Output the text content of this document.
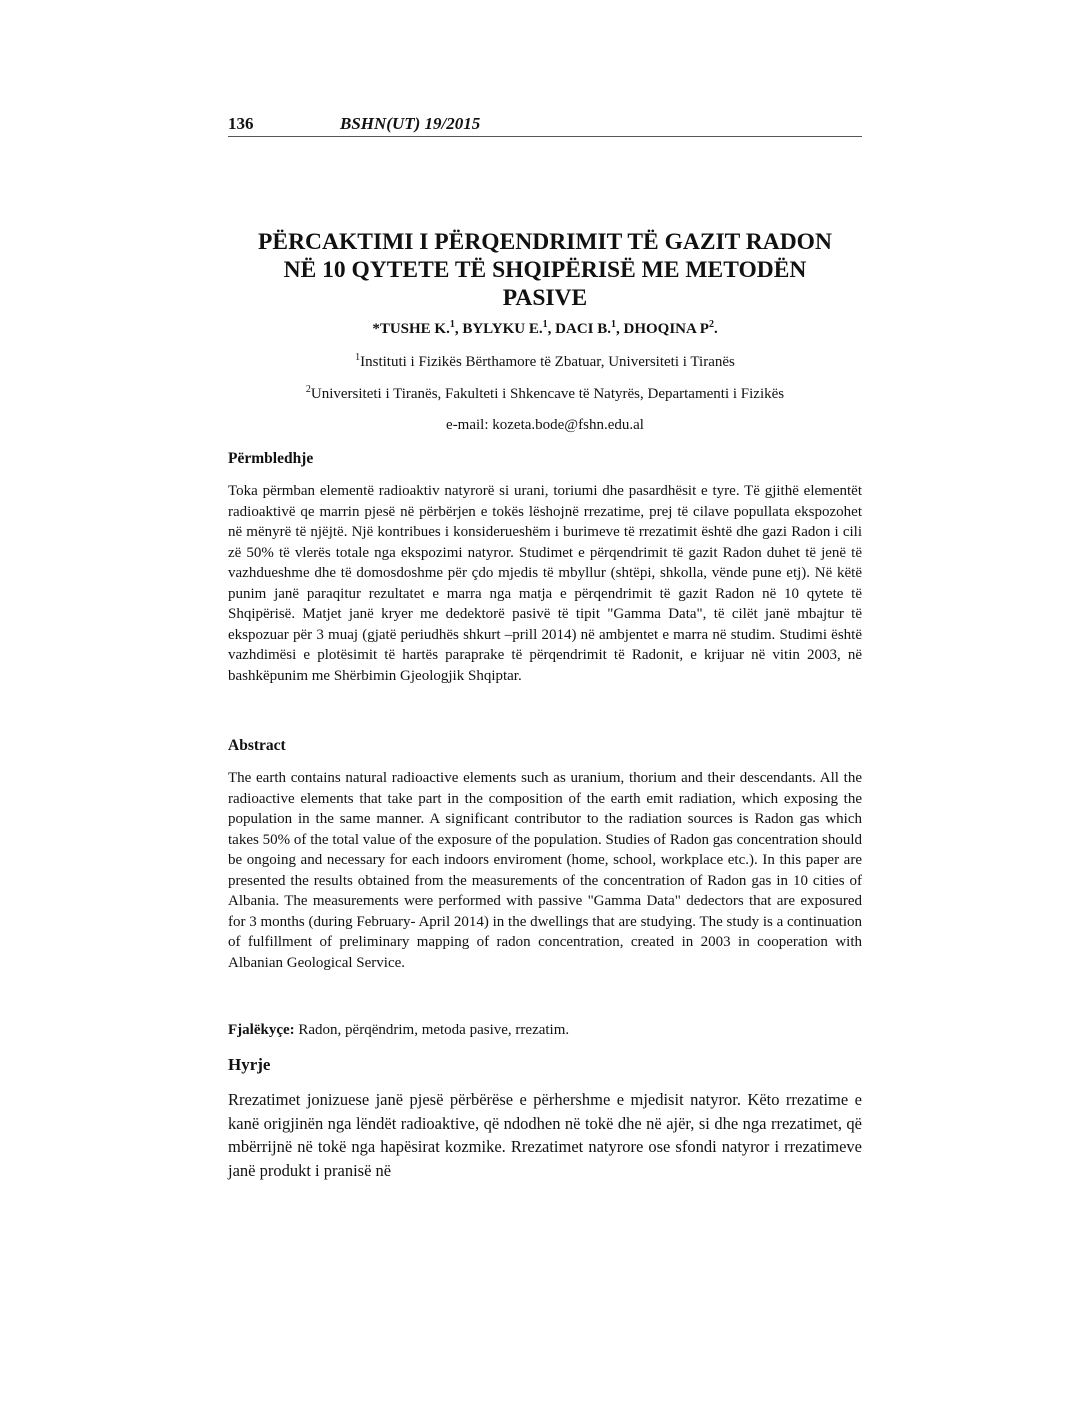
136	BSHN(UT) 19/2015
PËRCAKTIMI I PËRQENDRIMIT TË GAZIT RADON
NË 10 QYTETE TË SHQIPËRISË ME METODËN
PASIVE
*TUSHE K.$^1$, BYLYKU E.$^1$, DACI B.$^1$, DHOQINA $P^2$.
$^1$Instituti i Fizikës Bërthamore të Zbatuar, Universiteti i Tiranës
$^2$Universiteti i Tiranës, Fakulteti i Shkencave të Natyrës, Departamenti i Fizikës
e-mail: kozeta.bode@fshn.edu.al
Përmbledhje
Toka përmban elementë radioaktiv natyrorë si urani, toriumi dhe pasardhësit e tyre. Të gjithë elementët radioaktivë qe marrin pjesë në përbërjen e tokës lëshojnë rrezatime, prej të cilave popullata ekspozohet në mënyrë të njëjtë. Një kontribues i konsiderueshëm i burimeve të rrezatimit është dhe gazi Radon i cili zë 50% të vlerës totale nga ekspozimi natyror. Studimet e përqendrimit të gazit Radon duhet të jenë të vazhdueshme dhe të domosdoshme për çdo mjedis të mbyllur (shtëpi, shkolla, vënde pune etj). Në këtë punim janë paraqitur rezultatet e marra nga matja e përqendrimit të gazit Radon në 10 qytete të Shqipërisë. Matjet janë kryer me dedektorë pasivë të tipit "Gamma Data", të cilët janë mbajtur të ekspozuar për 3 muaj (gjatë periudhës shkurt –prill 2014) në ambjentet e marra në studim. Studimi është vazhdimësi e plotësimit të hartës paraprake të përqendrimit të Radonit, e krijuar në vitin 2003, në bashkëpunim me Shërbimin Gjeologjik Shqiptar.
Abstract
The earth contains natural radioactive elements such as uranium, thorium and their descendants. All the radioactive elements that take part in the composition of the earth emit radiation, which exposing the population in the same manner. A significant contributor to the radiation sources is Radon gas which takes 50% of the total value of the exposure of the population. Studies of Radon gas concentration should be ongoing and necessary for each indoors enviroment (home, school, workplace etc.). In this paper are presented the results obtained from the measurements of the concentration of Radon gas in 10 cities of Albania. The measurements were performed with passive "Gamma Data" dedectors that are exposured for 3 months (during February- April 2014) in the dwellings that are studying. The study is a continuation of fulfillment of preliminary mapping of radon concentration, created in 2003 in cooperation with Albanian Geological Service.
Fjalëkyçe: Radon, përqëndrim, metoda pasive, rrezatim.
Hyrje
Rrezatimet jonizuese janë pjesë përbërëse e përhershme e mjedisit natyror. Këto rrezatime e kanë origjinën nga lëndët radioaktive, që ndodhen në tokë dhe në ajër, si dhe nga rrezatimet, që mbërrijnë në tokë nga hapësirat kozmike. Rrezatimet natyrore ose sfondi natyror i rrezatimeve janë produkt i pranisë në
